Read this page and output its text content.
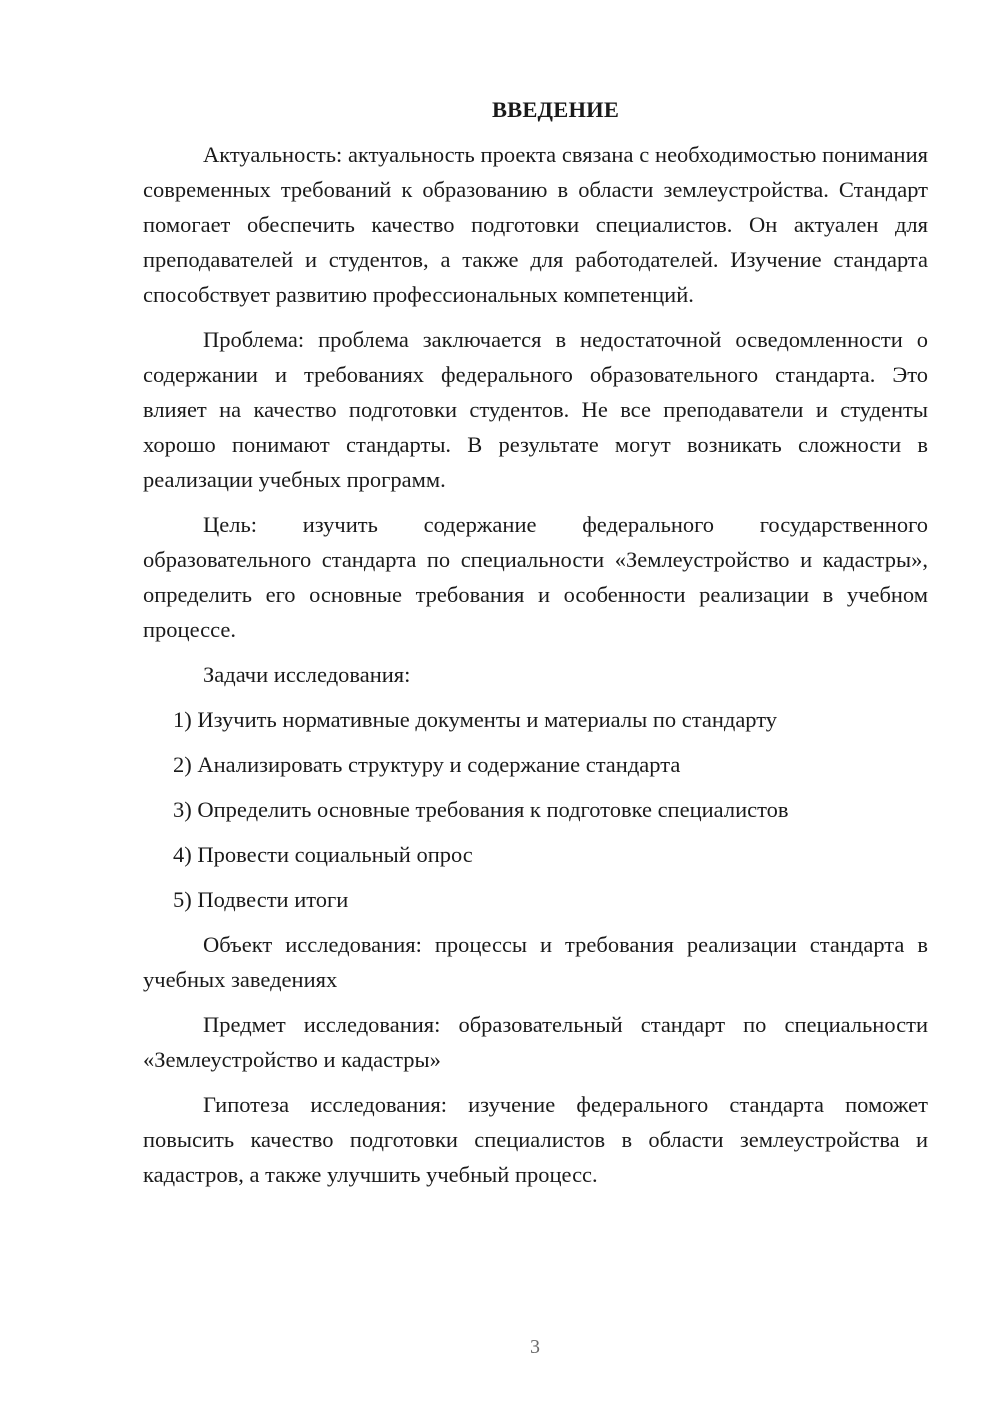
ВВЕДЕНИЕ

Актуальность: актуальность проекта связана с необходимостью понимания современных требований к образованию в области землеустройства. Стандарт помогает обеспечить качество подготовки специалистов. Он актуален для преподавателей и студентов, а также для работодателей. Изучение стандарта способствует развитию профессиональных компетенций.

Проблема: проблема заключается в недостаточной осведомленности о содержании и требованиях федерального образовательного стандарта. Это влияет на качество подготовки студентов. Не все преподаватели и студенты хорошо понимают стандарты. В результате могут возникать сложности в реализации учебных программ.

Цель: изучить содержание федерального государственного образовательного стандарта по специальности «Землеустройство и кадастры», определить его основные требования и особенности реализации в учебном процессе.

Задачи исследования:

1) Изучить нормативные документы и материалы по стандарту
2) Анализировать структуру и содержание стандарта
3) Определить основные требования к подготовке специалистов
4) Провести социальный опрос
5) Подвести итоги

Объект исследования: процессы и требования реализации стандарта в учебных заведениях

Предмет исследования: образовательный стандарт по специальности «Землеустройство и кадастры»

Гипотеза исследования: изучение федерального стандарта поможет повысить качество подготовки специалистов в области землеустройства и кадастров, а также улучшить учебный процесс.

3
